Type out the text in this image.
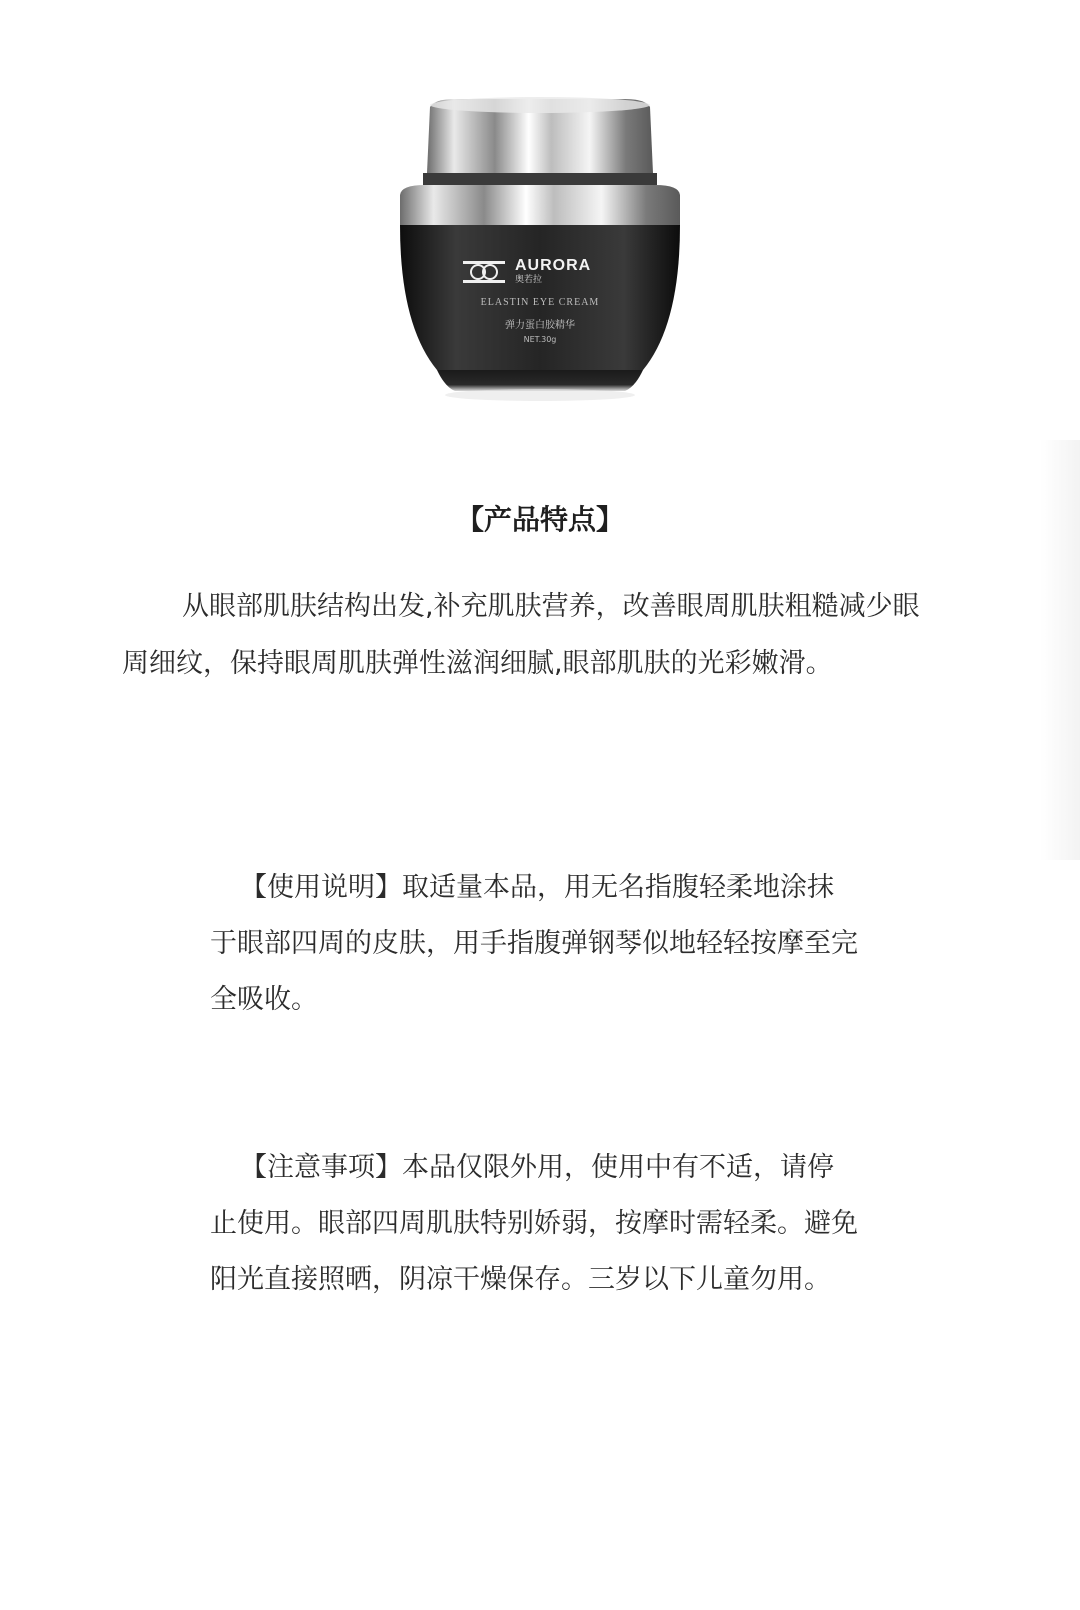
AURORA
奥若拉
ELASTIN EYE CREAM
弹力蛋白胶精华
NET.30g
【产品特点】
从眼部肌肤结构出发,补充肌肤营养，改善眼周肌肤粗糙减少眼周细纹，保持眼周肌肤弹性滋润细腻,眼部肌肤的光彩嫩滑。
【使用说明】取适量本品，用无名指腹轻柔地涂抹于眼部四周的皮肤，用手指腹弹钢琴似地轻轻按摩至完全吸收。
【注意事项】本品仅限外用，使用中有不适，请停止使用。眼部四周肌肤特别娇弱，按摩时需轻柔。避免阳光直接照晒，阴凉干燥保存。三岁以下儿童勿用。
